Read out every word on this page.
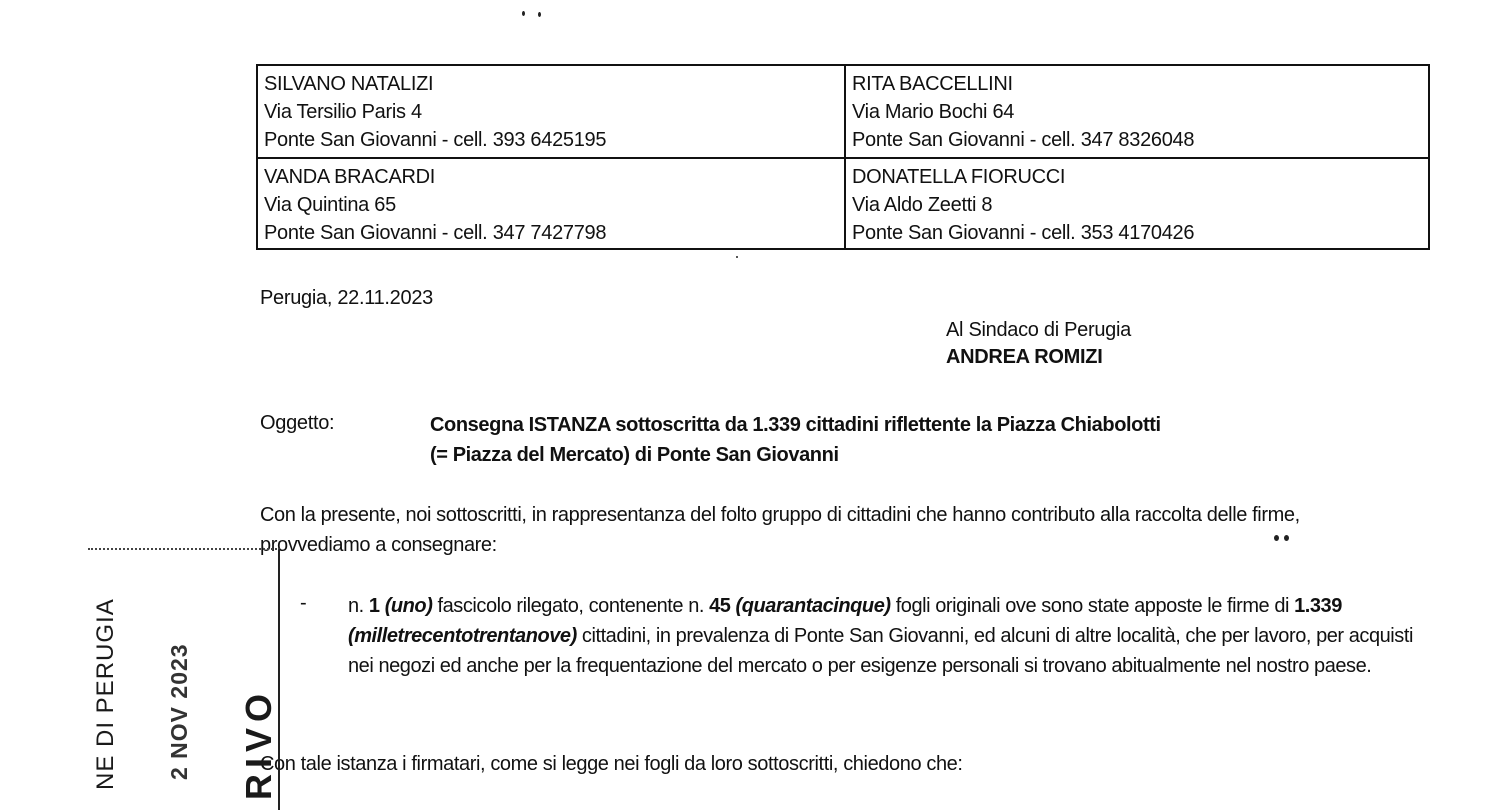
SILVANO NATALIZI
Via Tersilio Paris 4
Ponte San Giovanni - cell. 393 6425195
RITA BACCELLINI
Via Mario Bochi 64
Ponte San Giovanni - cell. 347 8326048
VANDA BRACARDI
Via Quintina 65
Ponte San Giovanni - cell. 347 7427798
DONATELLA FIORUCCI
Via Aldo Zeetti 8
Ponte San Giovanni - cell. 353 4170426
Perugia, 22.11.2023
Al Sindaco di Perugia
ANDREA ROMIZI
Oggetto:	Consegna ISTANZA sottoscritta da 1.339 cittadini riflettente la Piazza Chiabolotti
(= Piazza del Mercato) di Ponte San Giovanni
Con la presente, noi sottoscritti, in rappresentanza del folto gruppo di cittadini che hanno contributo alla raccolta delle firme, provvediamo a consegnare:
- n. 1 (uno) fascicolo rilegato, contenente n. 45 (quarantacinque) fogli originali ove sono state apposte le firme di 1.339 (milletrecentotrentanove) cittadini, in prevalenza di Ponte San Giovanni, ed alcuni di altre località, che per lavoro, per acquisti nei negozi ed anche per la frequentazione del mercato o per esigenze personali si trovano abitualmente nel nostro paese.
Con tale istanza i firmatari, come si legge nei fogli da loro sottoscritti, chiedono che:
NE DI PERUGIA 2 NOV 2023 RIVO
